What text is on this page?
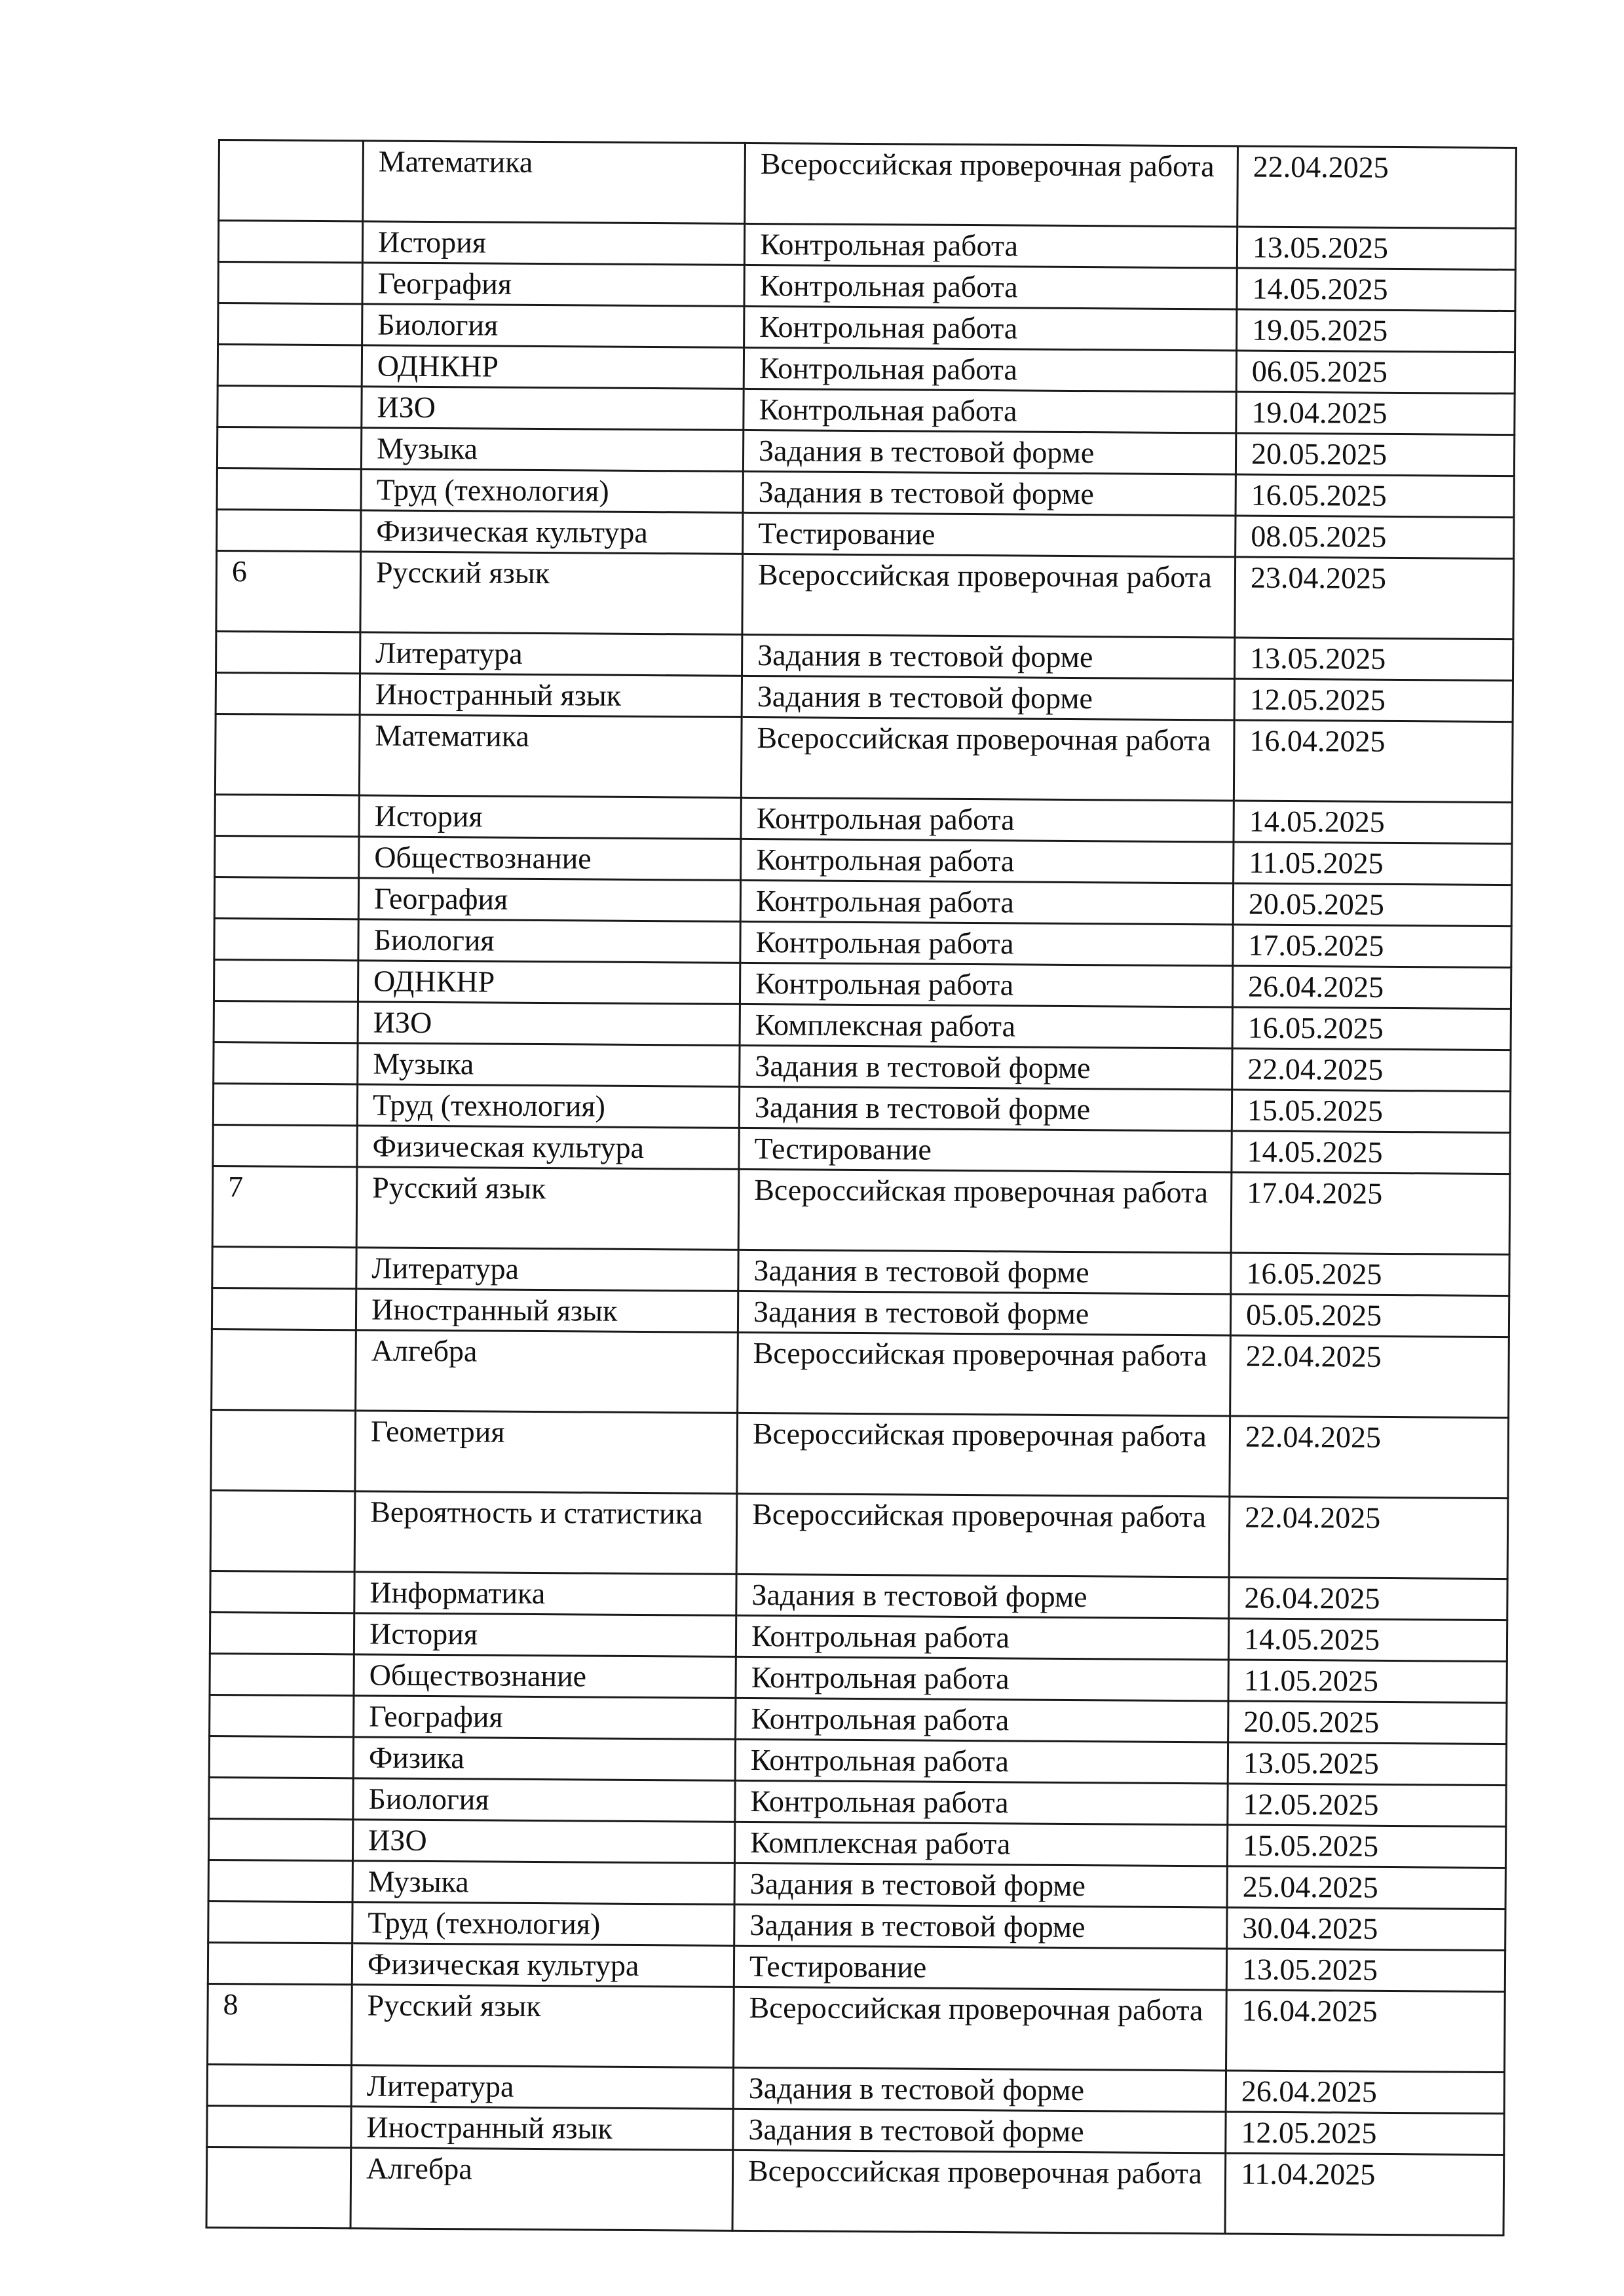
	Математика	Всероссийская проверочная работа	22.04.2025
	История	Контрольная работа	13.05.2025
	География	Контрольная работа	14.05.2025
	Биология	Контрольная работа	19.05.2025
	ОДНКНР	Контрольная работа	06.05.2025
	ИЗО	Контрольная работа	19.04.2025
	Музыка	Задания в тестовой форме	20.05.2025
	Труд (технология)	Задания в тестовой форме	16.05.2025
	Физическая культура	Тестирование	08.05.2025
6	Русский язык	Всероссийская проверочная работа	23.04.2025
	Литература	Задания в тестовой форме	13.05.2025
	Иностранный язык	Задания в тестовой форме	12.05.2025
	Математика	Всероссийская проверочная работа	16.04.2025
	История	Контрольная работа	14.05.2025
	Обществознание	Контрольная работа	11.05.2025
	География	Контрольная работа	20.05.2025
	Биология	Контрольная работа	17.05.2025
	ОДНКНР	Контрольная работа	26.04.2025
	ИЗО	Комплексная работа	16.05.2025
	Музыка	Задания в тестовой форме	22.04.2025
	Труд (технология)	Задания в тестовой форме	15.05.2025
	Физическая культура	Тестирование	14.05.2025
7	Русский язык	Всероссийская проверочная работа	17.04.2025
	Литература	Задания в тестовой форме	16.05.2025
	Иностранный язык	Задания в тестовой форме	05.05.2025
	Алгебра	Всероссийская проверочная работа	22.04.2025
	Геометрия	Всероссийская проверочная работа	22.04.2025
	Вероятность и статистика	Всероссийская проверочная работа	22.04.2025
	Информатика	Задания в тестовой форме	26.04.2025
	История	Контрольная работа	14.05.2025
	Обществознание	Контрольная работа	11.05.2025
	География	Контрольная работа	20.05.2025
	Физика	Контрольная работа	13.05.2025
	Биология	Контрольная работа	12.05.2025
	ИЗО	Комплексная работа	15.05.2025
	Музыка	Задания в тестовой форме	25.04.2025
	Труд (технология)	Задания в тестовой форме	30.04.2025
	Физическая культура	Тестирование	13.05.2025
8	Русский язык	Всероссийская проверочная работа	16.04.2025
	Литература	Задания в тестовой форме	26.04.2025
	Иностранный язык	Задания в тестовой форме	12.05.2025
	Алгебра	Всероссийская проверочная работа	11.04.2025
